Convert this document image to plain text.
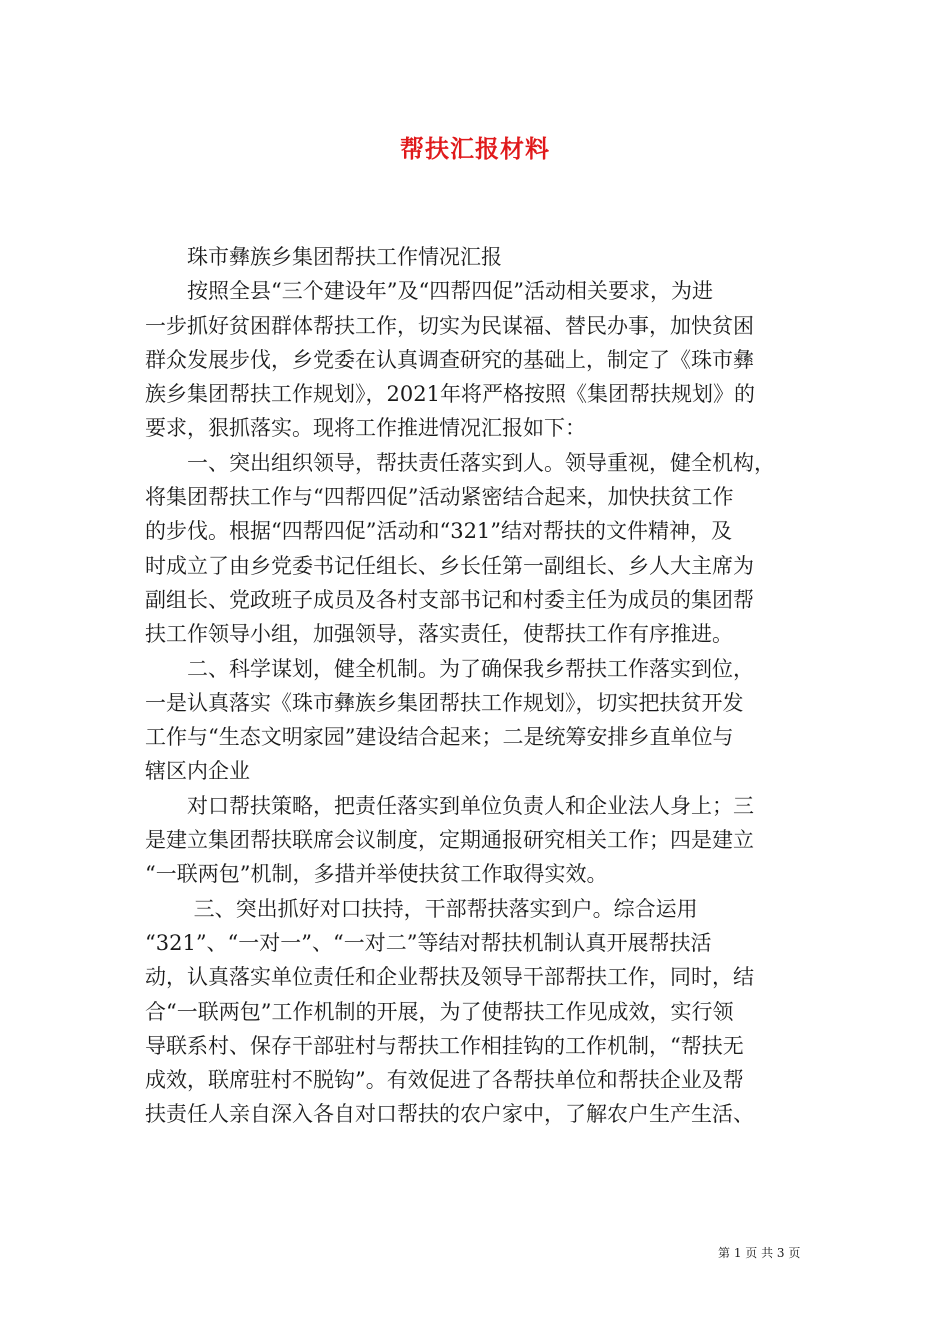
帮扶汇报材料

　　珠市彝族乡集团帮扶工作情况汇报

　　按照全县“三个建设年”及“四帮四促”活动相关要求，为进

一步抓好贫困群体帮扶工作，切实为民谋福、替民办事，加快贫困

群众发展步伐，乡党委在认真调查研究的基础上，制定了《珠市彝

族乡集团帮扶工作规划》，2021年将严格按照《集团帮扶规划》的

要求，狠抓落实。现将工作推进情况汇报如下：

　　一、突出组织领导，帮扶责任落实到人。领导重视，健全机构，

将集团帮扶工作与“四帮四促”活动紧密结合起来，加快扶贫工作

的步伐。根据“四帮四促”活动和“321”结对帮扶的文件精神，及

时成立了由乡党委书记任组长、乡长任第一副组长、乡人大主席为

副组长、党政班子成员及各村支部书记和村委主任为成员的集团帮

扶工作领导小组，加强领导，落实责任，使帮扶工作有序推进。

　　二、科学谋划，健全机制。为了确保我乡帮扶工作落实到位，

一是认真落实《珠市彝族乡集团帮扶工作规划》，切实把扶贫开发

工作与“生态文明家园”建设结合起来；二是统筹安排乡直单位与

辖区内企业

　　对口帮扶策略，把责任落实到单位负责人和企业法人身上；三

是建立集团帮扶联席会议制度，定期通报研究相关工作；四是建立

“一联两包”机制，多措并举使扶贫工作取得实效。

　　 三、突出抓好对口扶持，干部帮扶落实到户。综合运用

“321”、“一对一”、“一对二”等结对帮扶机制认真开展帮扶活

动，认真落实单位责任和企业帮扶及领导干部帮扶工作，同时，结

合“一联两包”工作机制的开展，为了使帮扶工作见成效，实行领

导联系村、保存干部驻村与帮扶工作相挂钩的工作机制，“帮扶无

成效，联席驻村不脱钩”。有效促进了各帮扶单位和帮扶企业及帮

扶责任人亲自深入各自对口帮扶的农户家中，了解农户生产生活、

第 1 页 共 3 页
